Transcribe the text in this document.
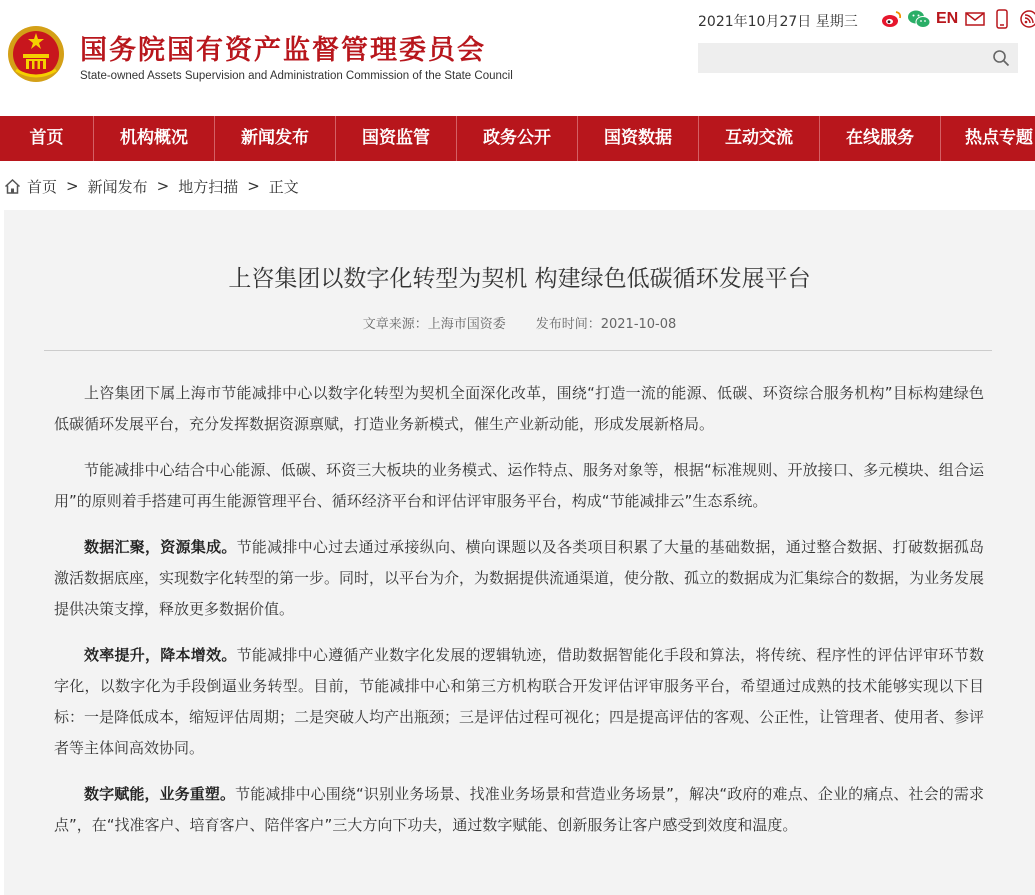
国务院国有资产监督管理委员会
State-owned Assets Supervision and Administration Commission of the State Council
2021年10月27日 星期三	EN
首页	机构概况	新闻发布	国资监管	政务公开	国资数据	互动交流	在线服务	热点专题
首页 > 新闻发布 > 地方扫描 > 正文
上咨集团以数字化转型为契机 构建绿色低碳循环发展平台
文章来源：上海市国资委 发布时间：2021-10-08

上咨集团下属上海市节能减排中心以数字化转型为契机全面深化改革，围绕“打造一流的能源、低碳、环资综合服务机构”目标构建绿色低碳循环发展平台，充分发挥数据资源禀赋，打造业务新模式，催生产业新动能，形成发展新格局。

节能减排中心结合中心能源、低碳、环资三大板块的业务模式、运作特点、服务对象等，根据“标准规则、开放接口、多元模块、组合运用”的原则着手搭建可再生能源管理平台、循环经济平台和评估评审服务平台，构成“节能减排云”生态系统。

数据汇聚，资源集成。节能减排中心过去通过承接纵向、横向课题以及各类项目积累了大量的基础数据，通过整合数据、打破数据孤岛激活数据底座，实现数字化转型的第一步。同时，以平台为介，为数据提供流通渠道，使分散、孤立的数据成为汇集综合的数据，为业务发展提供决策支撑，释放更多数据价值。

效率提升，降本增效。节能减排中心遵循产业数字化发展的逻辑轨迹，借助数据智能化手段和算法，将传统、程序性的评估评审环节数字化，以数字化为手段倒逼业务转型。目前，节能减排中心和第三方机构联合开发评估评审服务平台，希望通过成熟的技术能够实现以下目标：一是降低成本，缩短评估周期；二是突破人均产出瓶颈；三是评估过程可视化；四是提高评估的客观、公正性，让管理者、使用者、参评者等主体间高效协同。

数字赋能，业务重塑。节能减排中心围绕“识别业务场景、找准业务场景和营造业务场景”，解决“政府的难点、企业的痛点、社会的需求点”，在“找准客户、培育客户、陪伴客户”三大方向下功夫，通过数字赋能、创新服务让客户感受到效度和温度。
